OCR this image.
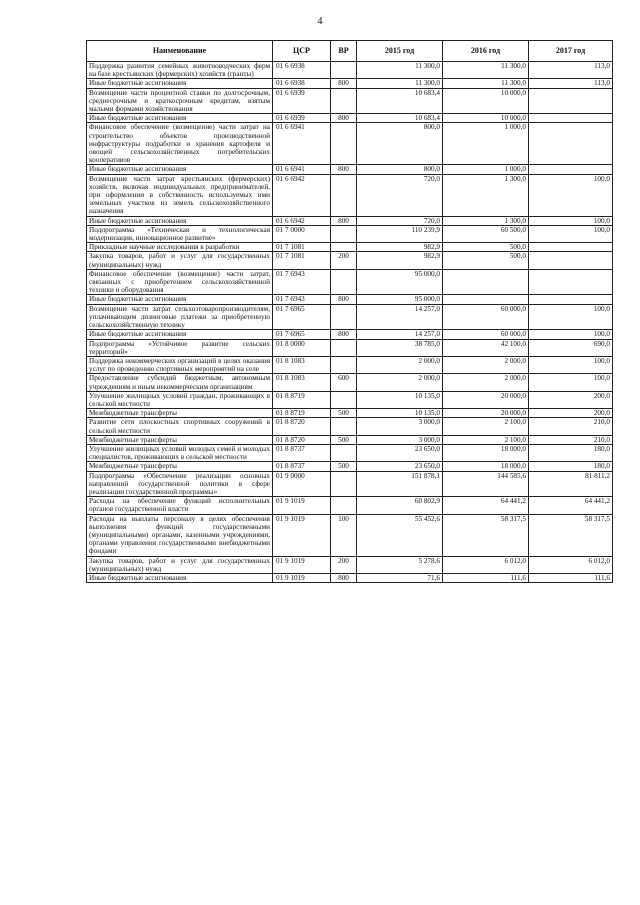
4
Наименование	ЦСР	ВР	2015 год	2016 год	2017 год
Поддержка развития семейных животноводческих ферм на базе крестьянских (фермерских) хозяйств (гранты)	01 6 6938		11 300,0	11 300,0	113,0
Иные бюджетные ассигнования	01 6 6938	800	11 300,0	11 300,0	113,0
Возмещение части процентной ставки по долгосрочным, среднесрочным и краткосрочным кредитам, взятым малыми формами хозяйствования	01 6 6939		10 683,4	10 000,0	
Иные бюджетные ассигнования	01 6 6939	800	10 683,4	10 000,0	
Финансовое обеспечение (возмещение) части затрат на строительство объектов производственной инфраструктуры подработки и хранения картофеля и овощей сельскохозяйственных потребительских кооперативов	01 6 6941		800,0	1 000,0	
Иные бюджетные ассигнования	01 6 6941	800	800,0	1 000,0	
Возмещение части затрат крестьянских (фермерских) хозяйств, включая индивидуальных предпринимателей, при оформлении в собственность используемых ими земельных участков из земель сельскохозяйственного назначения	01 6 6942		720,0	1 300,0	100,0
Иные бюджетные ассигнования	01 6 6942	800	720,0	1 300,0	100,0
Подпрограмма «Техническая и технологическая модернизация, инновационное развитие»	01 7 0000		110 239,9	60 500,0	100,0
Прикладные научные исследования в разработки	01 7 1081		982,9	500,0	
Закупка товаров, работ и услуг для государственных (муниципальных) нужд	01 7 1081	200	982,9	500,0	
Финансовое обеспечение (возмещение) части затрат, связанных с приобретением сельскохозяйственной техники и оборудования	01 7 6943		95 000,0		
Иные бюджетные ассигнования	01 7 6943	800	95 000,0		
Возмещение части затрат сельхозтоваропроизводителям, уплачивающим лизинговые платежи за приобретенную сельскохозяйственную технику	01 7 6965		14 257,0	60 000,0	100,0
Иные бюджетные ассигнования	01 7 6965	800	14 257,0	60 000,0	100,0
Подпрограмма «Устойчивое развитие сельских территорий»	01 8 0000		38 785,0	42 100,0	690,0
Поддержка некоммерческих организаций в целях оказания услуг по проведению спортивных мероприятий на селе	01 8 1083		2 000,0	2 000,0	100,0
Предоставление субсидий бюджетным, автономным учреждениям и иным некоммерческим организациям	01 8 1083	600	2 000,0	2 000,0	100,0
Улучшение жилищных условий граждан, проживающих в сельской местности	01 8 8719		10 135,0	20 000,0	200,0
Межбюджетные трансферты	01 8 8719	500	10 135,0	20 000,0	200,0
Развитие сети плоскостных спортивных сооружений в сельской местности	01 8 8720		3 000,0	2 100,0	210,0
Межбюджетные трансферты	01 8 8720	500	3 000,0	2 100,0	210,0
Улучшение жилищных условий молодых семей и молодых специалистов, проживающих в сельской местности	01 8 8737		23 650,0	18 000,0	180,0
Межбюджетные трансферты	01 8 8737	500	23 650,0	18 000,0	180,0
Подпрограмма «Обеспечение реализации основных направлений государственной политики в сфере реализации государственной программы»	01 9 0000		151 878,1	144 585,6	81 811,2
Расходы на обеспечение функций исполнительных органов государственной власти	01 9 1019		60 802,9	64 441,2	64 441,2
Расходы на выплаты персоналу в целях обеспечения выполнения функций государственными (муниципальными) органами, казенными учреждениями, органами управления государственными внебюджетными фондами	01 9 1019	100	55 452,6	58 317,5	58 317,5
Закупка товаров, работ и услуг для государственных (муниципальных) нужд	01 9 1019	200	5 278,6	6 012,0	6 012,0
Иные бюджетные ассигнования	01 9 1019	800	71,6	111,6	111,6
